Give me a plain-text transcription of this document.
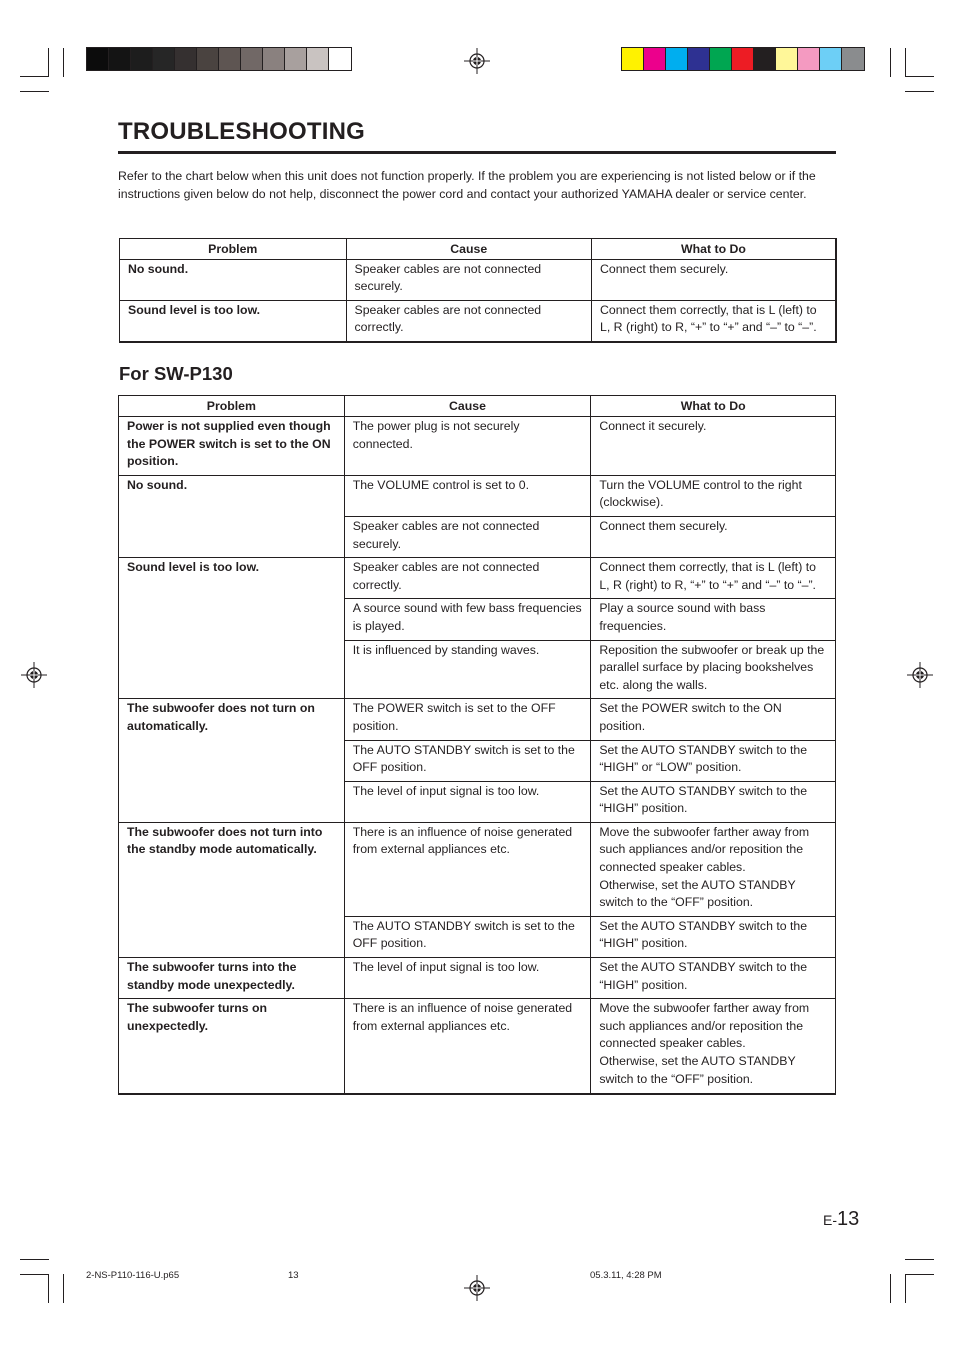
TROUBLESHOOTING

Refer to the chart below when this unit does not function properly. If the problem you are experiencing is not listed below or if the instructions given below do not help, disconnect the power cord and contact your authorized YAMAHA dealer or service center.

Problem	Cause	What to Do
No sound.	Speaker cables are not connected securely.	Connect them securely.
Sound level is too low.	Speaker cables are not connected correctly.	Connect them correctly, that is L (left) to L, R (right) to R, “+” to “+” and “–” to “–”.
For SW-P130
Problem	Cause	What to Do
Power is not supplied even though the POWER switch is set to the ON position.	The power plug is not securely connected.	Connect it securely.
No sound.	The VOLUME control is set to 0.	Turn the VOLUME control to the right (clockwise).
	Speaker cables are not connected securely.	Connect them securely.
Sound level is too low.	Speaker cables are not connected correctly.	Connect them correctly, that is L (left) to L, R (right) to R, “+” to “+” and “–” to “–”.
	A source sound with few bass frequencies is played.	Play a source sound with bass frequencies.
	It is influenced by standing waves.	Reposition the subwoofer or break up the parallel surface by placing bookshelves etc. along the walls.
The subwoofer does not turn on automatically.	The POWER switch is set to the OFF position.	Set the POWER switch to the ON position.
	The AUTO STANDBY switch is set to the OFF position.	Set the AUTO STANDBY switch to the “HIGH” or “LOW” position.
	The level of input signal is too low.	Set the AUTO STANDBY switch to the “HIGH” position.
The subwoofer does not turn into the standby mode automatically.	There is an influence of noise generated from external appliances etc.	Move the subwoofer farther away from such appliances and/or reposition the connected speaker cables.
Otherwise, set the AUTO STANDBY switch to the “OFF” position.
	The AUTO STANDBY switch is set to the OFF position.	Set the AUTO STANDBY switch to the “HIGH” position.
The subwoofer turns into the standby mode unexpectedly.	The level of input signal is too low.	Set the AUTO STANDBY switch to the “HIGH” position.
The subwoofer turns on unexpectedly.	There is an influence of noise generated from external appliances etc.	Move the subwoofer farther away from such appliances and/or reposition the connected speaker cables.
Otherwise, set the AUTO STANDBY switch to the “OFF” position.
E-13
2-NS-P110-116-U.p65	13	05.3.11, 4:28 PM
